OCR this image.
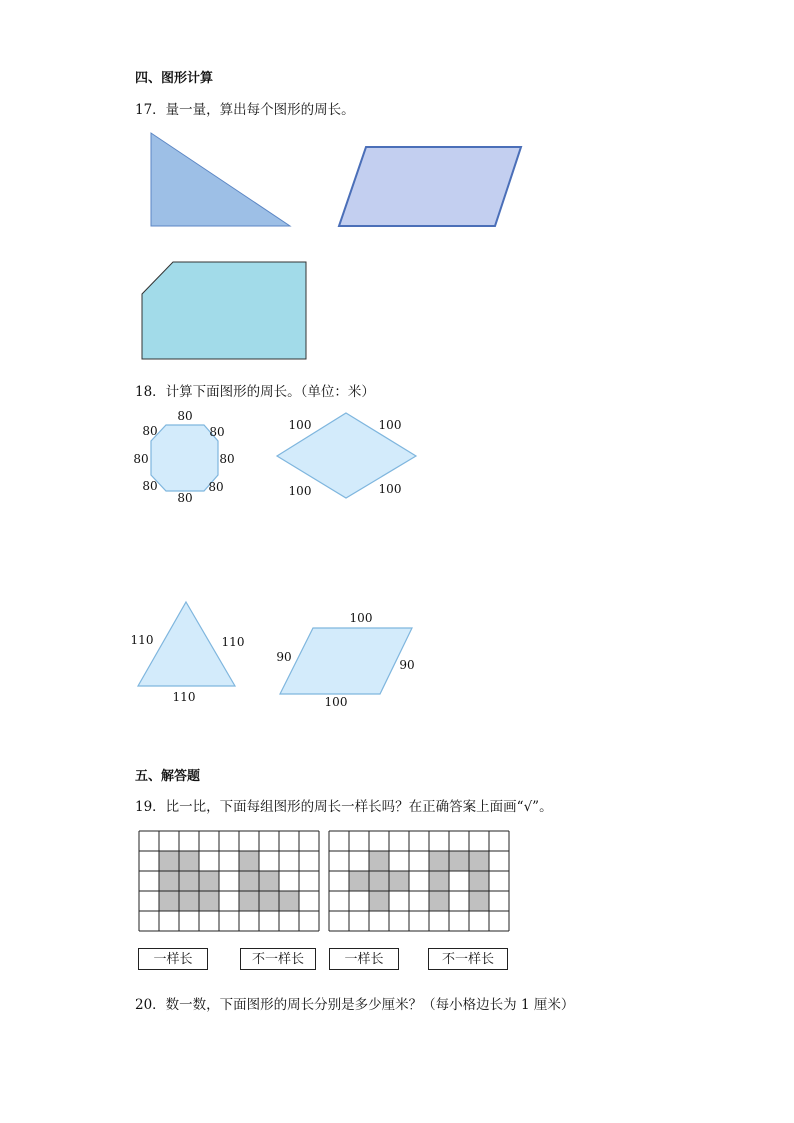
四、图形计算
17．量一量，算出每个图形的周长。
18．计算下面图形的周长。（单位：米）
80
80
80
80
80
80
80
80	100	100
100	100
110	110
110
100
90
90
100
五、解答题
19．比一比，下面每组图形的周长一样长吗？在正确答案上面画“√”。
一样长	不一样长	一样长	不一样长
20．数一数，下面图形的周长分别是多少厘米？（每小格边长为 1 厘米）
